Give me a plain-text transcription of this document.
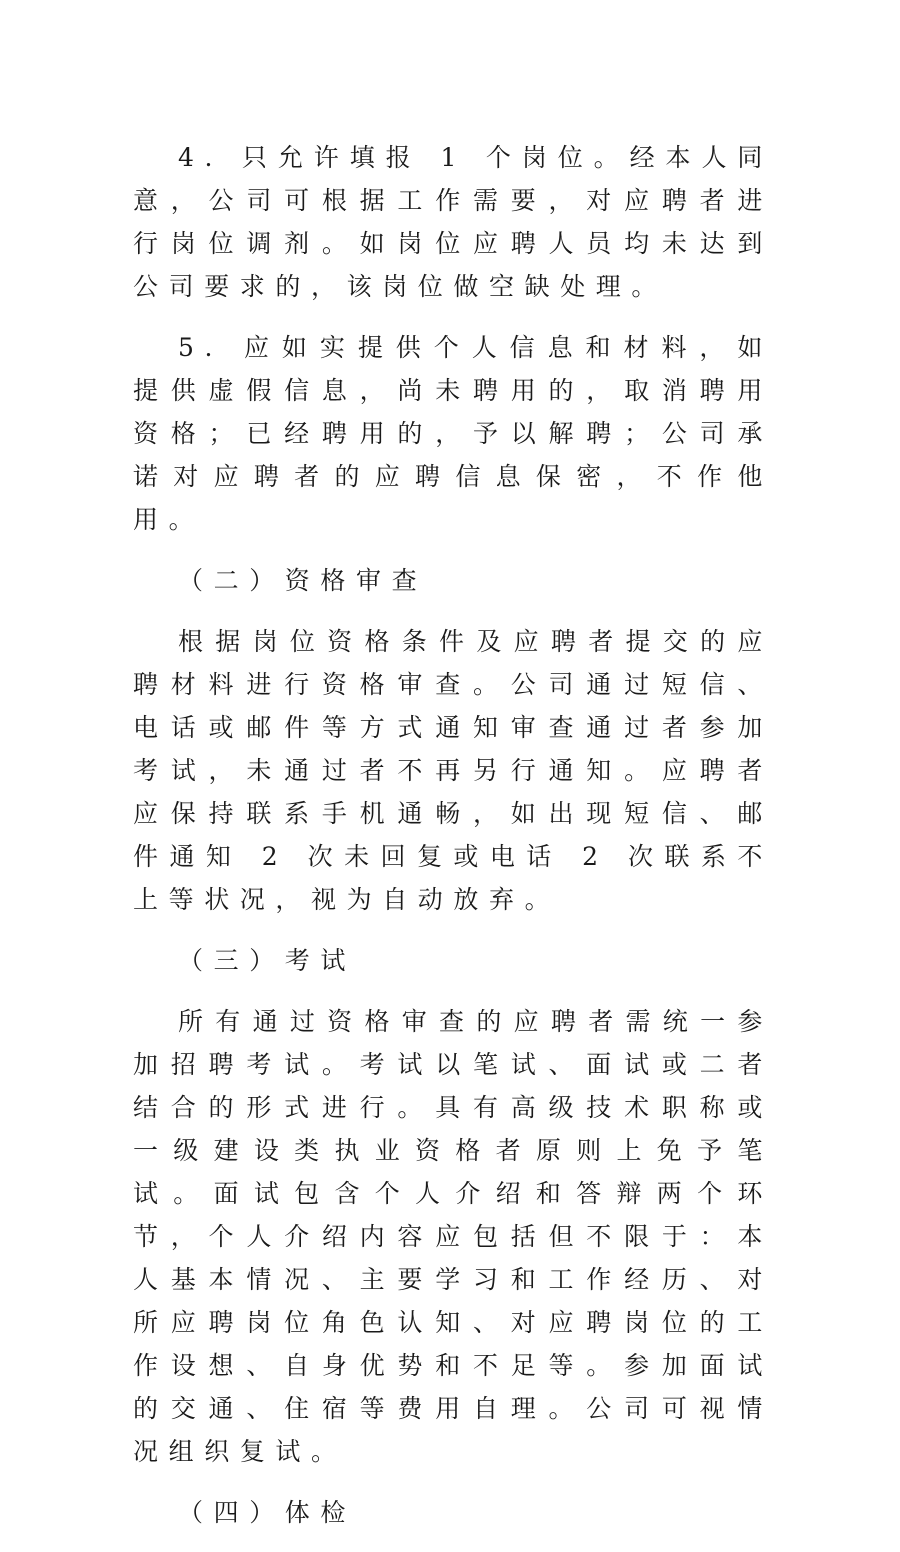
4. 只允许填报 1 个岗位。经本人同意，公司可根据工作需要，对应聘者进行岗位调剂。如岗位应聘人员均未达到公司要求的，该岗位做空缺处理。

5. 应如实提供个人信息和材料，如提供虚假信息，尚未聘用的，取消聘用资格；已经聘用的，予以解聘；公司承诺对应聘者的应聘信息保密，不作他用。

（二）资格审查

根据岗位资格条件及应聘者提交的应聘材料进行资格审查。公司通过短信、电话或邮件等方式通知审查通过者参加考试，未通过者不再另行通知。应聘者应保持联系手机通畅，如出现短信、邮件通知 2 次未回复或电话 2 次联系不上等状况，视为自动放弃。

（三）考试

所有通过资格审查的应聘者需统一参加招聘考试。考试以笔试、面试或二者结合的形式进行。具有高级技术职称或一级建设类执业资格者原则上免予笔试。面试包含个人介绍和答辩两个环节，个人介绍内容应包括但不限于：本人基本情况、主要学习和工作经历、对所应聘岗位角色认知、对应聘岗位的工作设想、自身优势和不足等。参加面试的交通、住宿等费用自理。公司可视情况组织复试。

（四）体检
